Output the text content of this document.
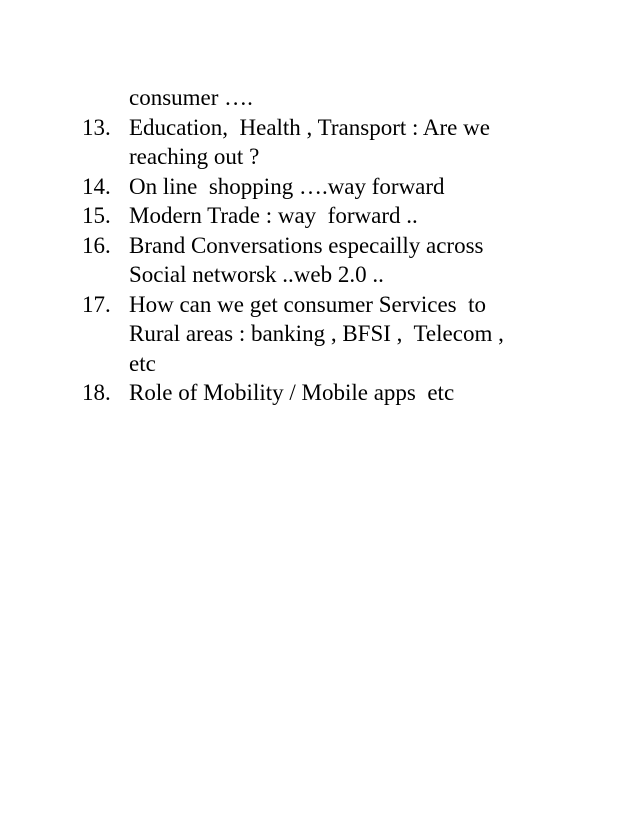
consumer ….
13. Education,  Health , Transport : Are we
reaching out ?
14. On line  shopping ….way forward
15. Modern Trade : way  forward ..
16. Brand Conversations especailly across
Social networsk ..web 2.0 ..
17. How can we get consumer Services  to
Rural areas : banking , BFSI ,  Telecom ,
etc
18. Role of Mobility / Mobile apps  etc
